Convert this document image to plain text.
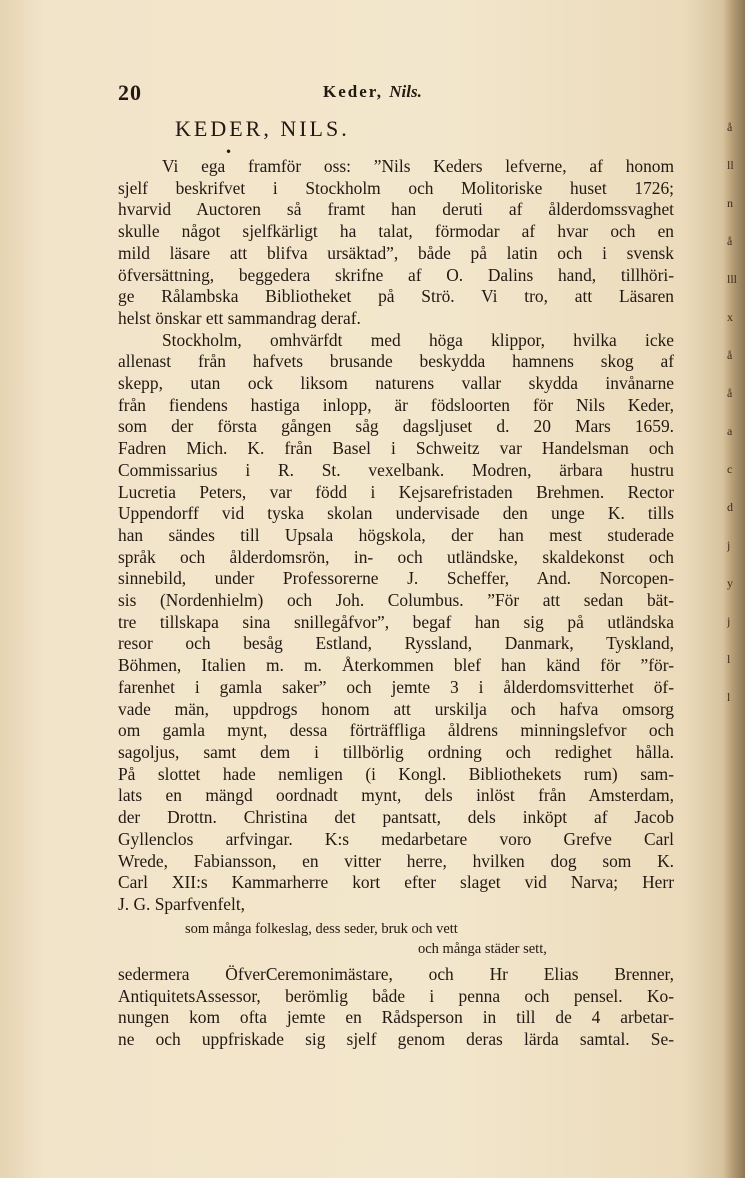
å
ll
n
å
lll
x
å
å
a
c
d
j
y
j
l
l
20	Keder, Nils.
KEDER, NILS.
•
Vi ega framför oss: ”Nils Keders lefverne, af honom
sjelf beskrifvet i Stockholm och Molitoriske huset 1726;
hvarvid Auctoren så framt han deruti af ålderdomssvaghet
skulle något sjelfkärligt ha talat, förmodar af hvar och en
mild läsare att blifva ursäktad”, både på latin och i svensk
öfversättning, beggedera skrifne af O. Dalins hand, tillhöri-
ge Rålambska Bibliotheket på Strö. Vi tro, att Läsaren
helst önskar ett sammandrag deraf.
Stockholm, omhvärfdt med höga klippor, hvilka icke
allenast från hafvets brusande beskydda hamnens skog af
skepp, utan ock liksom naturens vallar skydda invånarne
från fiendens hastiga inlopp, är födsloorten för Nils Keder,
som der första gången såg dagsljuset d. 20 Mars 1659.
Fadren Mich. K. från Basel i Schweitz var Handelsman och
Commissarius i R. St. vexelbank. Modren, ärbara hustru
Lucretia Peters, var född i Kejsarefristaden Brehmen. Rector
Uppendorff vid tyska skolan undervisade den unge K. tills
han sändes till Upsala högskola, der han mest studerade
språk och ålderdomsrön, in- och utländske, skaldekonst och
sinnebild, under Professorerne J. Scheffer, And. Norcopen-
sis (Nordenhielm) och Joh. Columbus. ”För att sedan bät-
tre tillskapa sina snillegåfvor”, begaf han sig på utländska
resor och besåg Estland, Ryssland, Danmark, Tyskland,
Böhmen, Italien m. m. Återkommen blef han känd för ”för-
farenhet i gamla saker” och jemte 3 i ålderdomsvitterhet öf-
vade män, uppdrogs honom att urskilja och hafva omsorg
om gamla mynt, dessa förträffliga åldrens minningslefvor och
sagoljus, samt dem i tillbörlig ordning och redighet hålla.
På slottet hade nemligen (i Kongl. Bibliothekets rum) sam-
lats en mängd oordnadt mynt, dels inlöst från Amsterdam,
der Drottn. Christina det pantsatt, dels inköpt af Jacob
Gyllenclos arfvingar. K:s medarbetare voro Grefve Carl
Wrede, Fabiansson, en vitter herre, hvilken dog som K.
Carl XII:s Kammarherre kort efter slaget vid Narva; Herr
J. G. Sparfvenfelt,
som många folkeslag, dess seder, bruk och vett
och många städer sett,
sedermera ÖfverCeremonimästare, och Hr Elias Brenner,
AntiquitetsAssessor, berömlig både i penna och pensel. Ko-
nungen kom ofta jemte en Rådsperson in till de 4 arbetar-
ne och uppfriskade sig sjelf genom deras lärda samtal. Se-
